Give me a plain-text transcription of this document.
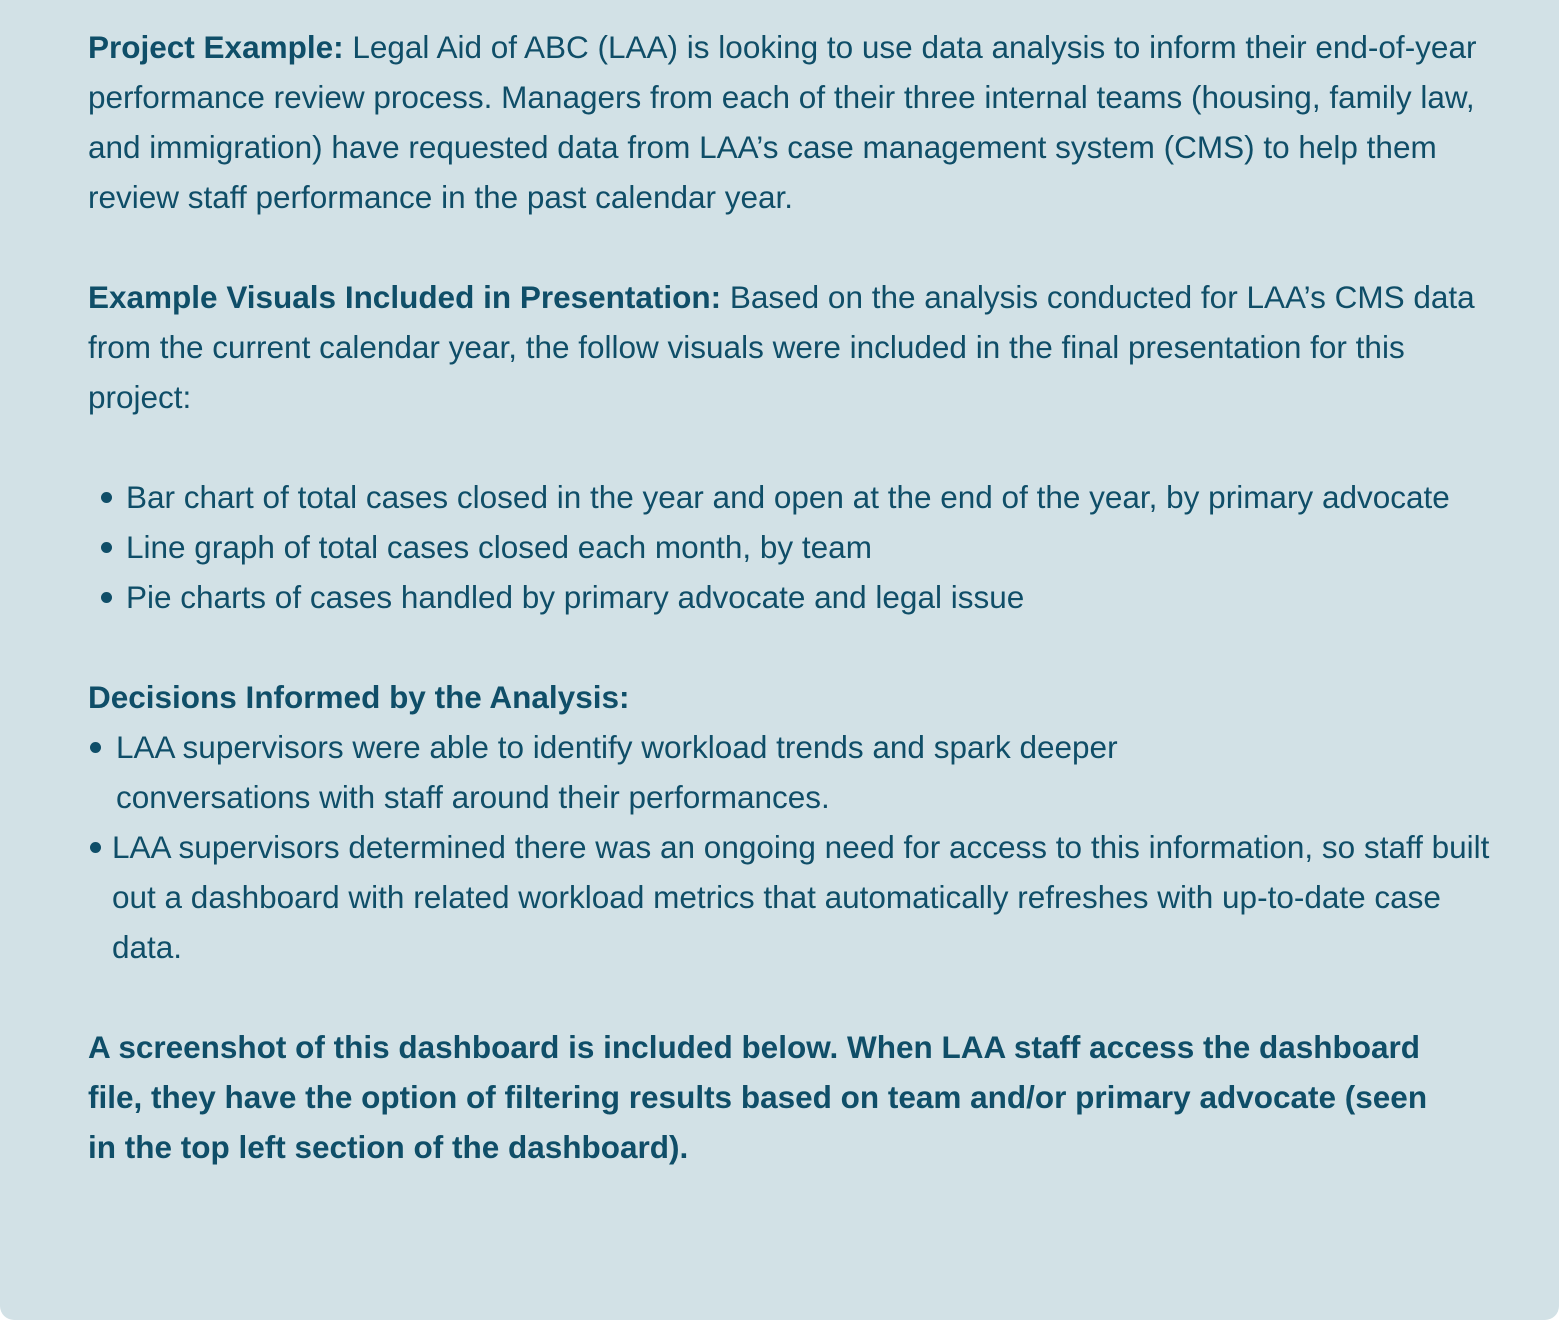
Project Example: Legal Aid of ABC (LAA) is looking to use data analysis to inform their end-of-year performance review process. Managers from each of their three internal teams (housing, family law, and immigration) have requested data from LAA’s case management system (CMS) to help them review staff performance in the past calendar year.

Example Visuals Included in Presentation: Based on the analysis conducted for LAA’s CMS data from the current calendar year, the follow visuals were included in the final presentation for this project:

Bar chart of total cases closed in the year and open at the end of the year, by primary advocate
Line graph of total cases closed each month, by team
Pie charts of cases handled by primary advocate and legal issue

Decisions Informed by the Analysis:

LAA supervisors were able to identify workload trends and spark deeper conversations with staff around their performances.
LAA supervisors determined there was an ongoing need for access to this information, so staff built out a dashboard with related workload metrics that automatically refreshes with up-to-date case data.

A screenshot of this dashboard is included below. When LAA staff access the dashboard file, they have the option of filtering results based on team and/or primary advocate (seen in the top left section of the dashboard).
